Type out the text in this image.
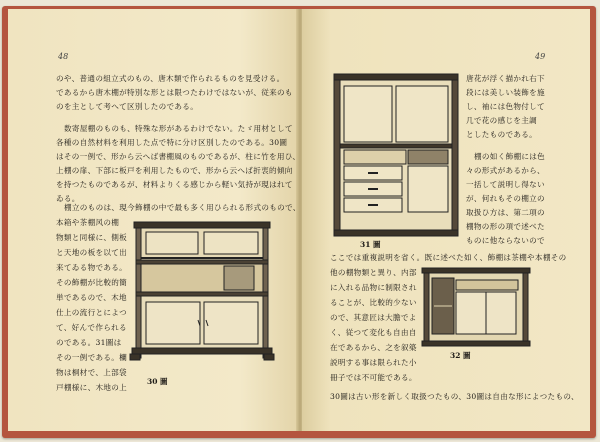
48	49
のや、普通の組立式のもの、唐木類で作られるものを見受ける。
であるから唐木棚が特別な形とは限つたわけではないが、従来のも
のを主として考へて区別したのである。
数寄屋棚のものも、特殊な形があるわけでない。たゞ用材として
各種の自然材料を利用した点で特に分け区別したのである。30圖
はその一例で、形から云へば書棚風のものであるが、柱に竹を用ひ、
上棚の扉、下部に板戸を利用したもので、形から云へば折衷的傾向
を持つたものであるが、材料よりくる感じから軽い気持が現はれて
ゐる。
棚立のものは、現今飾棚の中で最も多く用ひられる形式のもので、
本箱や茶棚风の棚
物類と同様に、側板
と天地の板を以て出
来てゐる物である。
その飾棚が比較的簡
単であるので、木地
仕上の流行とによつ
て、好んで作られる
のである。31圖は
その一例である。欄
物は桐材で、上部袋
戸棚様に、木地の上
30 圖
31 圖
唐花が浮く描かれ右下
段には美しい装飾を施
し、袖には色物付して
几で花の感じを主調
としたものである。
棚の如く飾棚には色
々の形式があるから、
一括して説明し得ない
が、何れもその棚立の
取扱ひ方は、第二項の
棚物の形の項で述べた
ものに他ならないので
ここでは重複説明を省く。既に述べた如く、飾棚は茶棚や本棚その
他の棚物類と異り、内部
に入れる品物に制限され
ることが、比較的少ない
ので、其意匠は大膽でよ
く、従つて変化も自由自
在であるから、之を叙築
説明する事は限られた小
冊子では不可能である。
32 圖
30圖は古い形を新しく取扱つたもの、30圖は自由な形によつたもの、
